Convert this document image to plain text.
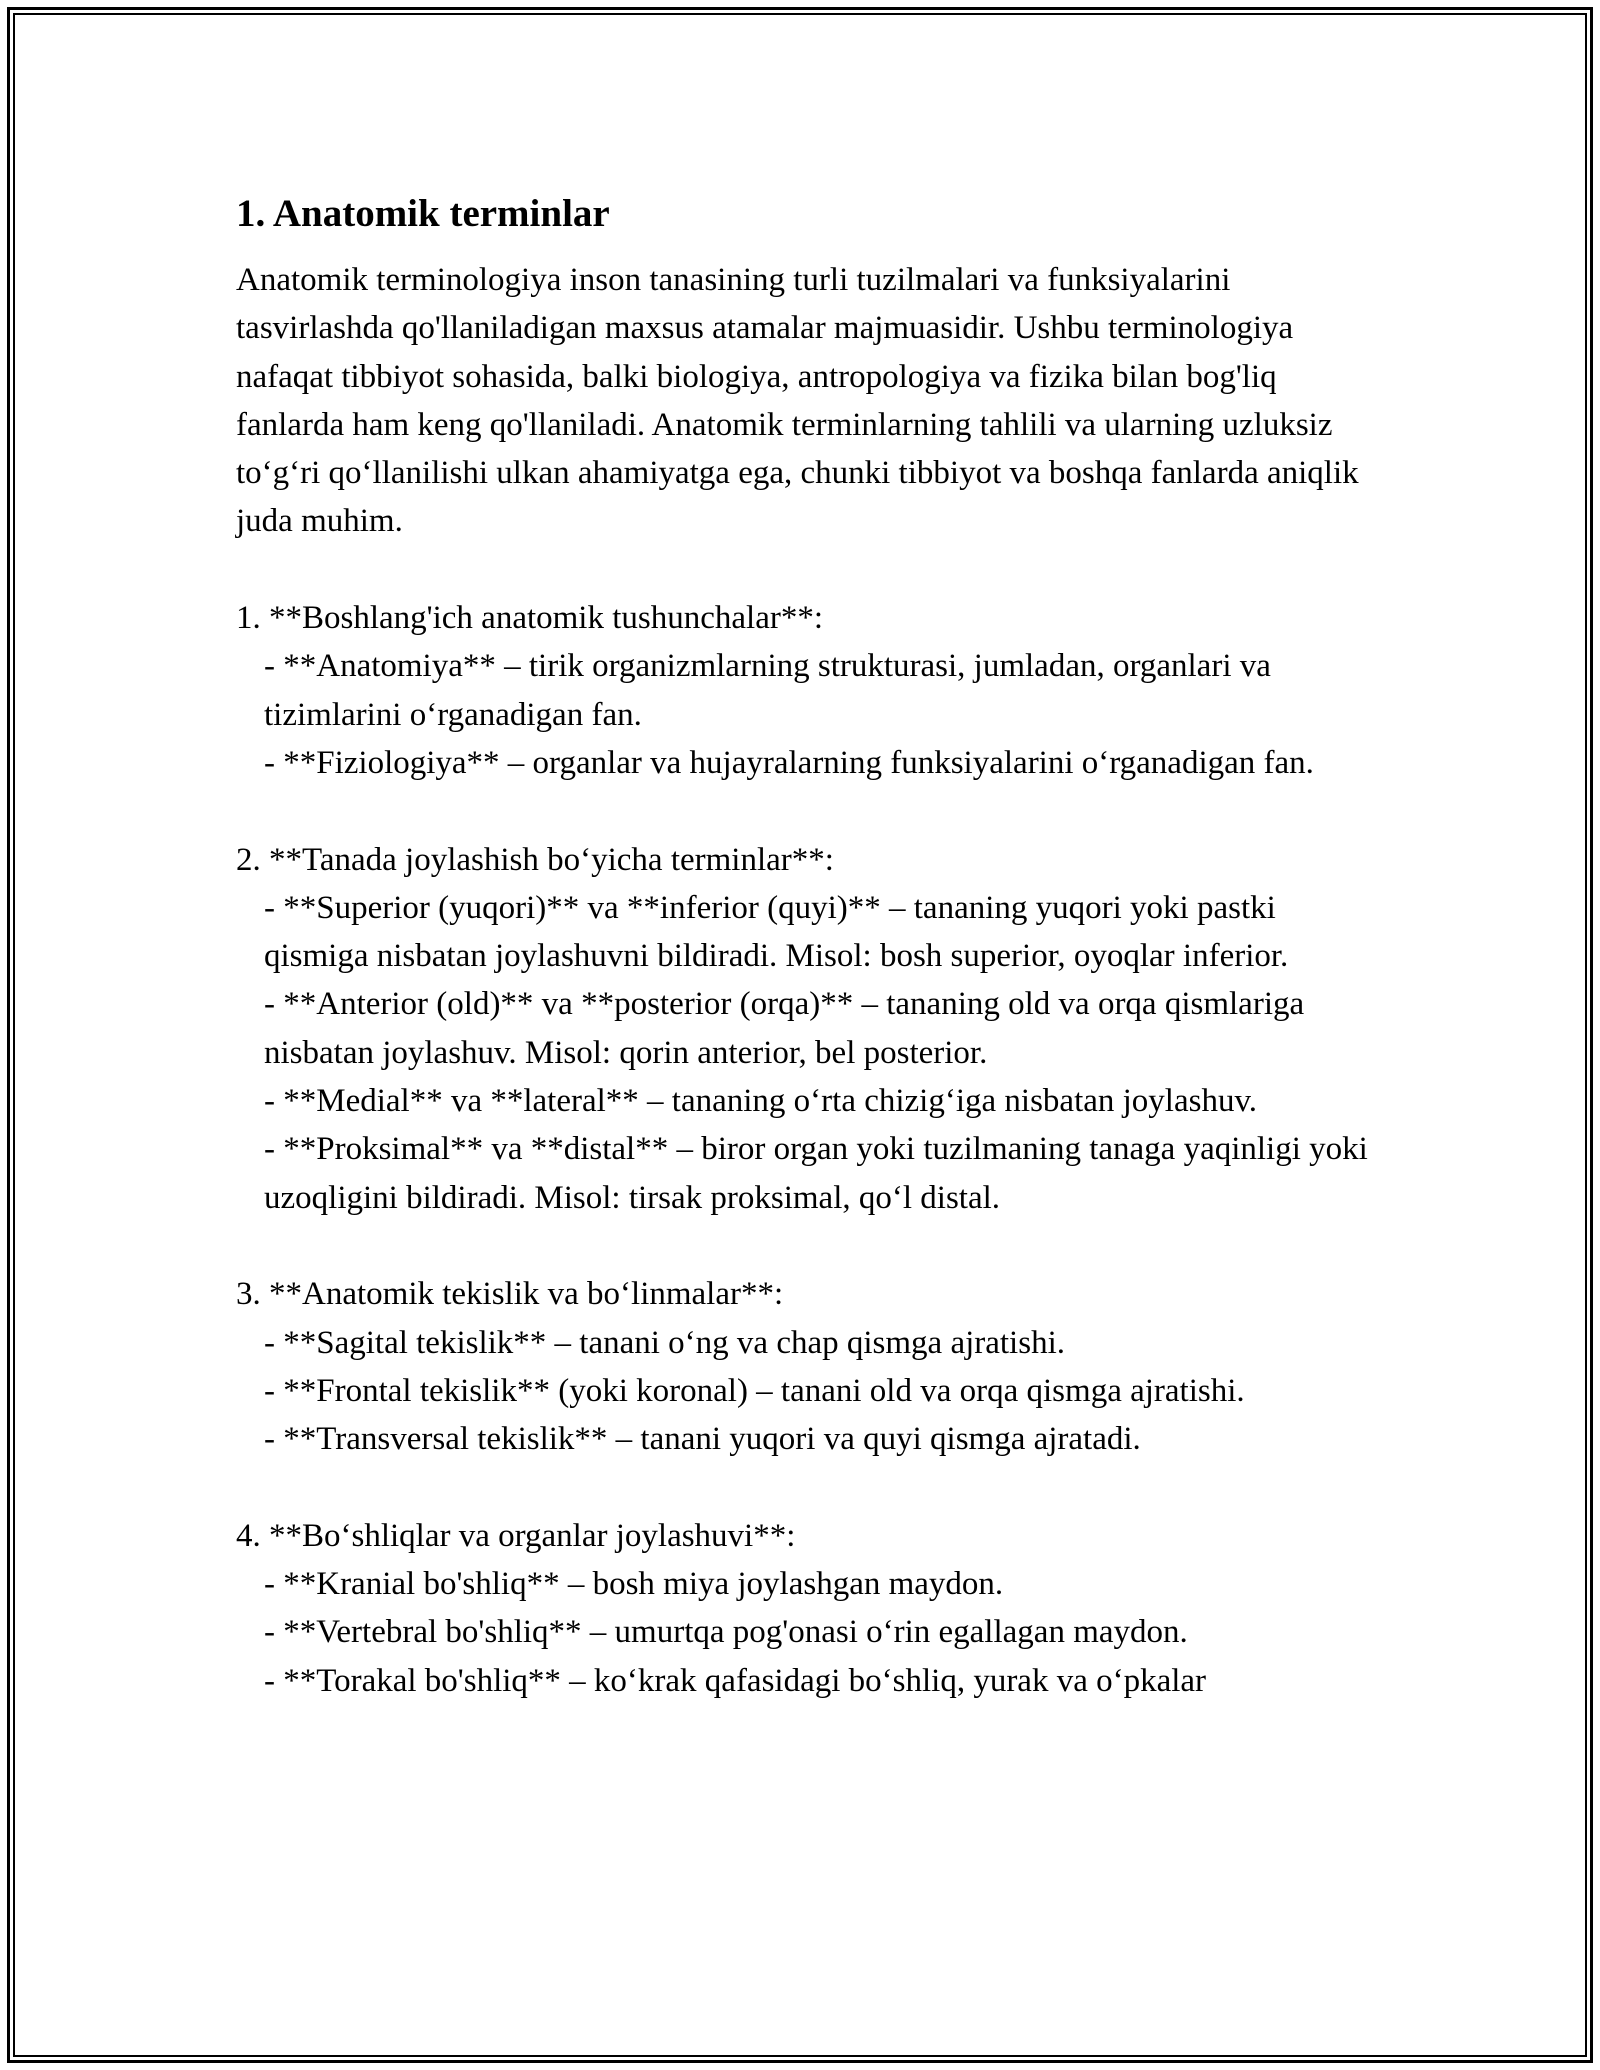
1. Anatomik terminlar

Anatomik terminologiya inson tanasining turli tuzilmalari va funksiyalarini tasvirlashda qo'llaniladigan maxsus atamalar majmuasidir. Ushbu terminologiya nafaqat tibbiyot sohasida, balki biologiya, antropologiya va fizika bilan bog'liq fanlarda ham keng qo'llaniladi. Anatomik terminlarning tahlili va ularning uzluksiz to‘g‘ri qo‘llanilishi ulkan ahamiyatga ega, chunki tibbiyot va boshqa fanlarda aniqlik juda muhim.

1. **Boshlang'ich anatomik tushunchalar**:

- **Anatomiya** – tirik organizmlarning strukturasi, jumladan, organlari va tizimlarini o‘rganadigan fan.

- **Fiziologiya** – organlar va hujayralarning funksiyalarini o‘rganadigan fan.

2. **Tanada joylashish bo‘yicha terminlar**:

- **Superior (yuqori)** va **inferior (quyi)** – tananing yuqori yoki pastki qismiga nisbatan joylashuvni bildiradi. Misol: bosh superior, oyoqlar inferior.

- **Anterior (old)** va **posterior (orqa)** – tananing old va orqa qismlariga nisbatan joylashuv. Misol: qorin anterior, bel posterior.

- **Medial** va **lateral** – tananing o‘rta chizig‘iga nisbatan joylashuv.

- **Proksimal** va **distal** – biror organ yoki tuzilmaning tanaga yaqinligi yoki uzoqligini bildiradi. Misol: tirsak proksimal, qo‘l distal.

3. **Anatomik tekislik va bo‘linmalar**:

- **Sagital tekislik** – tanani o‘ng va chap qismga ajratishi.

- **Frontal tekislik** (yoki koronal) – tanani old va orqa qismga ajratishi.

- **Transversal tekislik** – tanani yuqori va quyi qismga ajratadi.

4. **Bo‘shliqlar va organlar joylashuvi**:

- **Kranial bo'shliq** – bosh miya joylashgan maydon.

- **Vertebral bo'shliq** – umurtqa pog'onasi o‘rin egallagan maydon.

- **Torakal bo'shliq** – ko‘krak qafasidagi bo‘shliq, yurak va o‘pkalar
